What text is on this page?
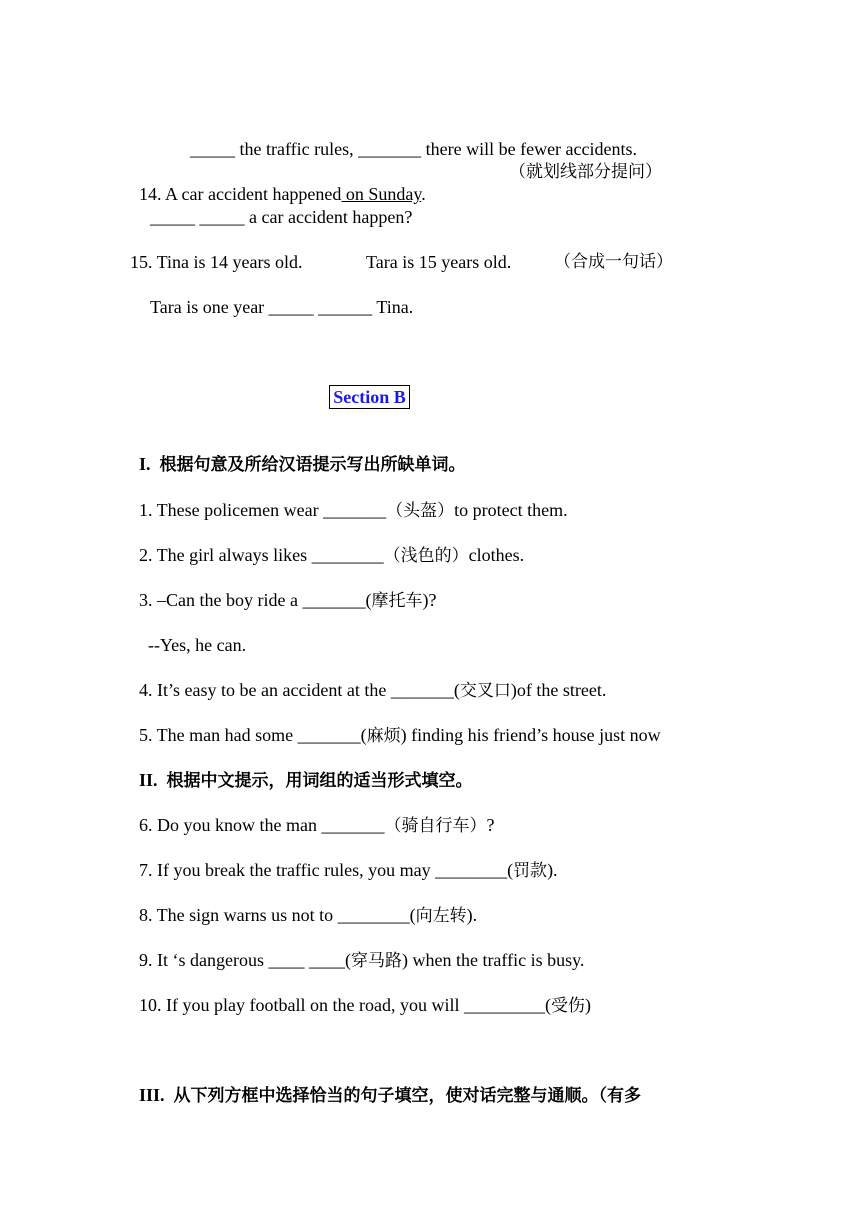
_____ the traffic rules, _______ there will be fewer accidents.

14. A car accident happened on Sunday.

（就划线部分提问）
_____ _____ a car accident happen?
15. Tina is 14 years old.	Tara is 15 years old.	（合成一句话）
Tara is one year _____ ______ Tina.
Section B

I. 根据句意及所给汉语提示写出所缺单词。

1. These policemen wear _______（头盔）to protect them.

2. The girl always likes ________（浅色的）clothes.

3. –Can the boy ride a _______(摩托车)?

--Yes, he can.

4. It’s easy to be an accident at the _______(交叉口)of the street.

5. The man had some _______(麻烦) finding his friend’s house just now

II. 根据中文提示，用词组的适当形式填空。

6. Do you know the man _______（骑自行车）?

7. If you break the traffic rules, you may ________(罚款).

8. The sign warns us not to ________(向左转).

9. It ‘s dangerous ____ ____(穿马路) when the traffic is busy.

10. If you play football on the road, you will _________(受伤)

III. 从下列方框中选择恰当的句子填空，使对话完整与通顺。（有多
